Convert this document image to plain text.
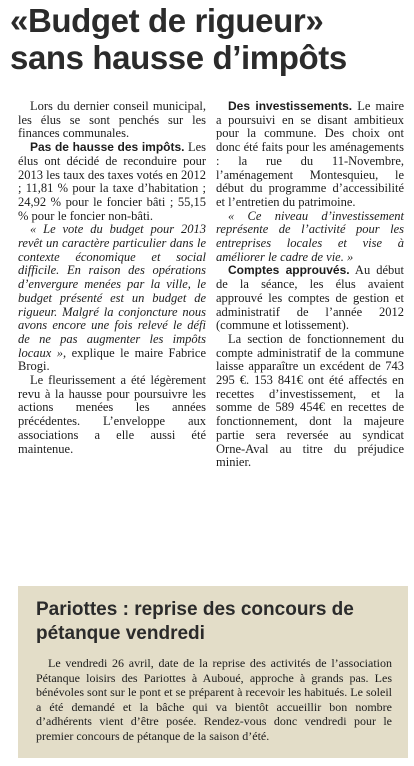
«Budget de rigueur»
sans hausse d’impôts

Lors du dernier conseil municipal, les élus se sont penchés sur les finances communales.

Pas de hausse des impôts. Les élus ont décidé de reconduire pour 2013 les taux des taxes votés en 2012 ; 11,81 % pour la taxe d’habitation ; 24,92 % pour le foncier bâti ; 55,15 % pour le foncier non-bâti.

« Le vote du budget pour 2013 revêt un caractère particulier dans le contexte économique et social difficile. En raison des opérations d’envergure menées par la ville, le budget présenté est un budget de rigueur. Malgré la conjoncture nous avons encore une fois relevé le défi de ne pas augmenter les impôts locaux », explique le maire Fabrice Brogi.

Le fleurissement a été légèrement revu à la hausse pour poursuivre les actions menées les années précédentes. L’enveloppe aux associations a elle aussi été maintenue.

Des investissements. Le maire a poursuivi en se disant ambitieux pour la commune. Des choix ont donc été faits pour les aménagements : la rue du 11-Novembre, l’aménagement Montesquieu, le début du programme d’accessibilité et l’entretien du patrimoine.

« Ce niveau d’investissement représente de l’activité pour les entreprises locales et vise à améliorer le cadre de vie. »

Comptes approuvés. Au début de la séance, les élus avaient approuvé les comptes de gestion et administratif de l’année 2012 (commune et lotissement).

La section de fonctionnement du compte administratif de la commune laisse apparaître un excédent de 743 295 €. 153 841€ ont été affectés en recettes d’investissement, et la somme de 589 454€ en recettes de fonctionnement, dont la majeure partie sera reversée au syndicat Orne-Aval au titre du préjudice minier.

Pariottes : reprise des concours de pétanque vendredi
Le vendredi 26 avril, date de la reprise des activités de l’association Pétanque loisirs des Pariottes à Auboué, approche à grands pas. Les bénévoles sont sur le pont et se préparent à recevoir les habitués. Le soleil a été demandé et la bâche qui va bientôt accueillir bon nombre d’adhérents vient d’être posée. Rendez-vous donc vendredi pour le premier concours de pétanque de la saison d’été.
